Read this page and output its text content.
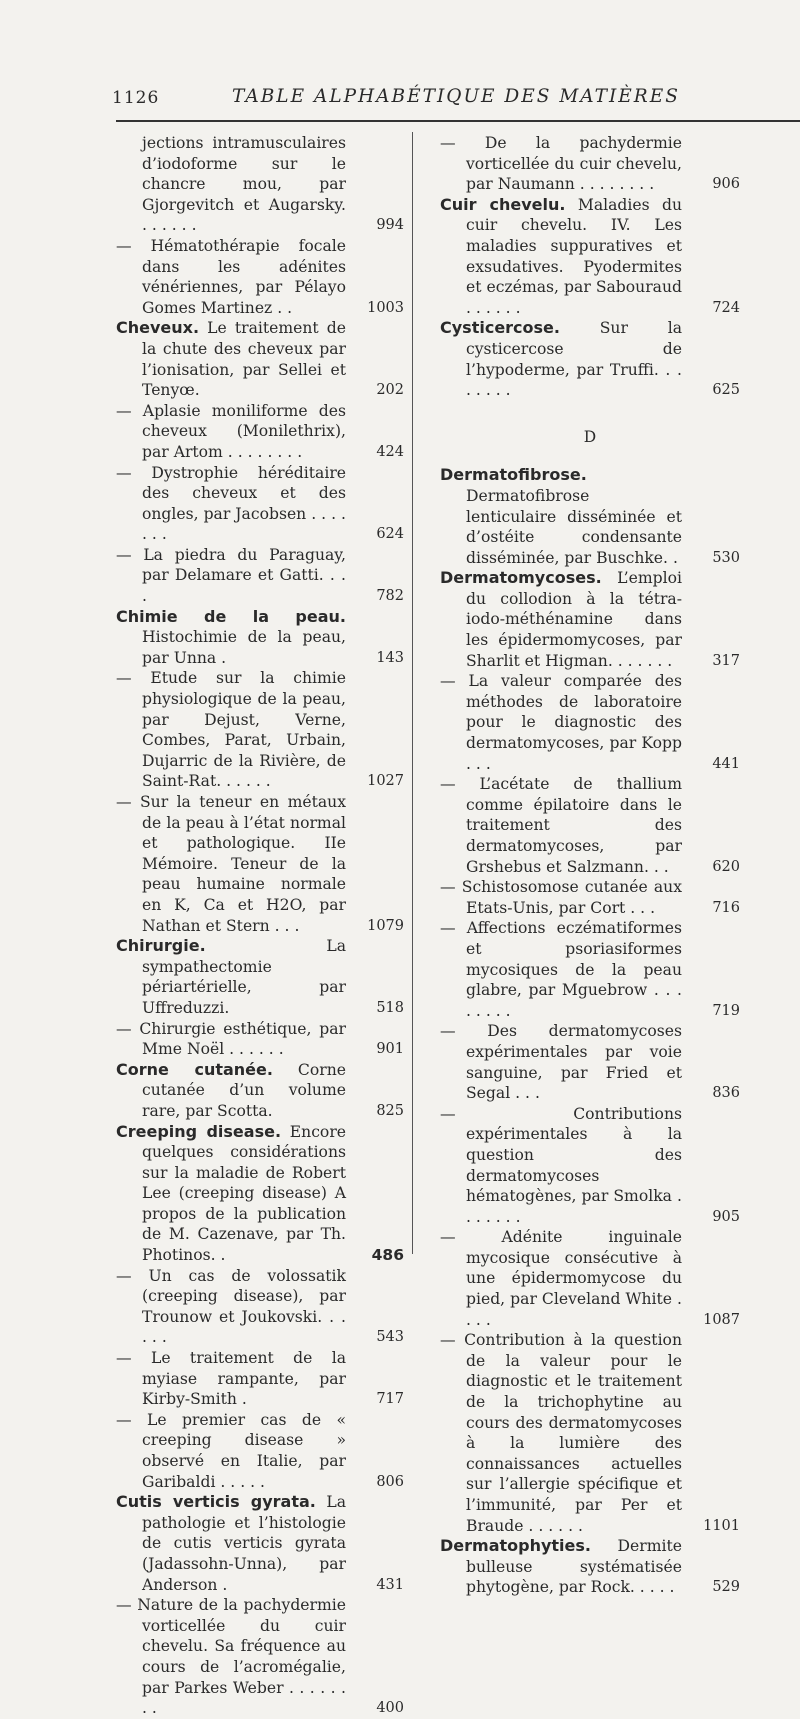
1126	TABLE ALPHABÉTIQUE DES MATIÈRES
jections intramusculaires d’iodoforme sur le chancre mou, par Gjorgevitch et Augarsky. . . . . . .	994
— Hématothérapie focale dans les adénites vénériennes, par Pélayo Gomes Martinez . .	1003
Cheveux. Le traitement de la chute des cheveux par l’ionisation, par Sellei et Tenyœ.	202
— Aplasie moniliforme des cheveux (Monilethrix), par Artom . . . . . . . .	424
— Dystrophie héréditaire des cheveux et des ongles, par Jacobsen . . . . . . .	624
— La piedra du Paraguay, par Delamare et Gatti. . . .	782
Chimie de la peau. Histochimie de la peau, par Unna .	143
— Etude sur la chimie physiologique de la peau, par Dejust, Verne, Combes, Parat, Urbain, Dujarric de la Rivière, de Saint-Rat. . . . . .	1027
— Sur la teneur en métaux de la peau à l’état normal et pathologique. IIe Mémoire. Teneur de la peau humaine normale en K, Ca et H2O, par Nathan et Stern . . .	1079
Chirurgie. La sympathectomie périartérielle, par Uffreduzzi.	518
— Chirurgie esthétique, par Mme Noël . . . . . .	901
Corne cutanée. Corne cutanée d’un volume rare, par Scotta.	825
Creeping disease. Encore quelques considérations sur la maladie de Robert Lee (creeping disease) A propos de la publication de M. Cazenave, par Th. Photinos. .	486
— Un cas de volossatik (creeping disease), par Trounow et Joukovski. . . . . .	543
— Le traitement de la myiase rampante, par Kirby-Smith .	717
— Le premier cas de « creeping disease » observé en Italie, par Garibaldi . . . . .	806
Cutis verticis gyrata. La pathologie et l’histologie de cutis verticis gyrata (Jadassohn-Unna), par Anderson .	431
— Nature de la pachydermie vorticellée du cuir chevelu. Sa fréquence au cours de l’acromégalie, par Parkes Weber . . . . . . . .	400
— De la pachydermie vorticellée du cuir chevelu, par Naumann . . . . . . . .	906
Cuir chevelu. Maladies du cuir chevelu. IV. Les maladies suppuratives et exsudatives. Pyodermites et eczémas, par Sabouraud . . . . . .	724
Cysticercose. Sur la cysticercose de l’hypoderme, par Truffi. . . . . . . .	625
D
Dermatofibrose. Dermatofibrose lenticulaire disséminée et d’ostéite condensante disséminée, par Buschke. .	530
Dermatomycoses. L’emploi du collodion à la tétra-iodo-méthénamine dans les épidermomycoses, par Sharlit et Higman. . . . . . .	317
— La valeur comparée des méthodes de laboratoire pour le diagnostic des dermatomycoses, par Kopp . . .	441
— L’acétate de thallium comme épilatoire dans le traitement des dermatomycoses, par Grshebus et Salzmann. . .	620
— Schistosomose cutanée aux Etats-Unis, par Cort . . .	716
— Affections eczématiformes et psoriasiformes mycosiques de la peau glabre, par Mguebrow . . . . . . . .	719
— Des dermatomycoses expérimentales par voie sanguine, par Fried et Segal . . .	836
— Contributions expérimentales à la question des dermatomycoses hématogènes, par Smolka . . . . . . .	905
— Adénite inguinale mycosique consécutive à une épidermomycose du pied, par Cleveland White . . . .	1087
— Contribution à la question de la valeur pour le diagnostic et le traitement de la trichophytine au cours des dermatomycoses à la lumière des connaissances actuelles sur l’allergie spécifique et l’immunité, par Per et Braude . . . . . .	1101
Dermatophyties. Dermite bulleuse systématisée phytogène, par Rock. . . . .	529
